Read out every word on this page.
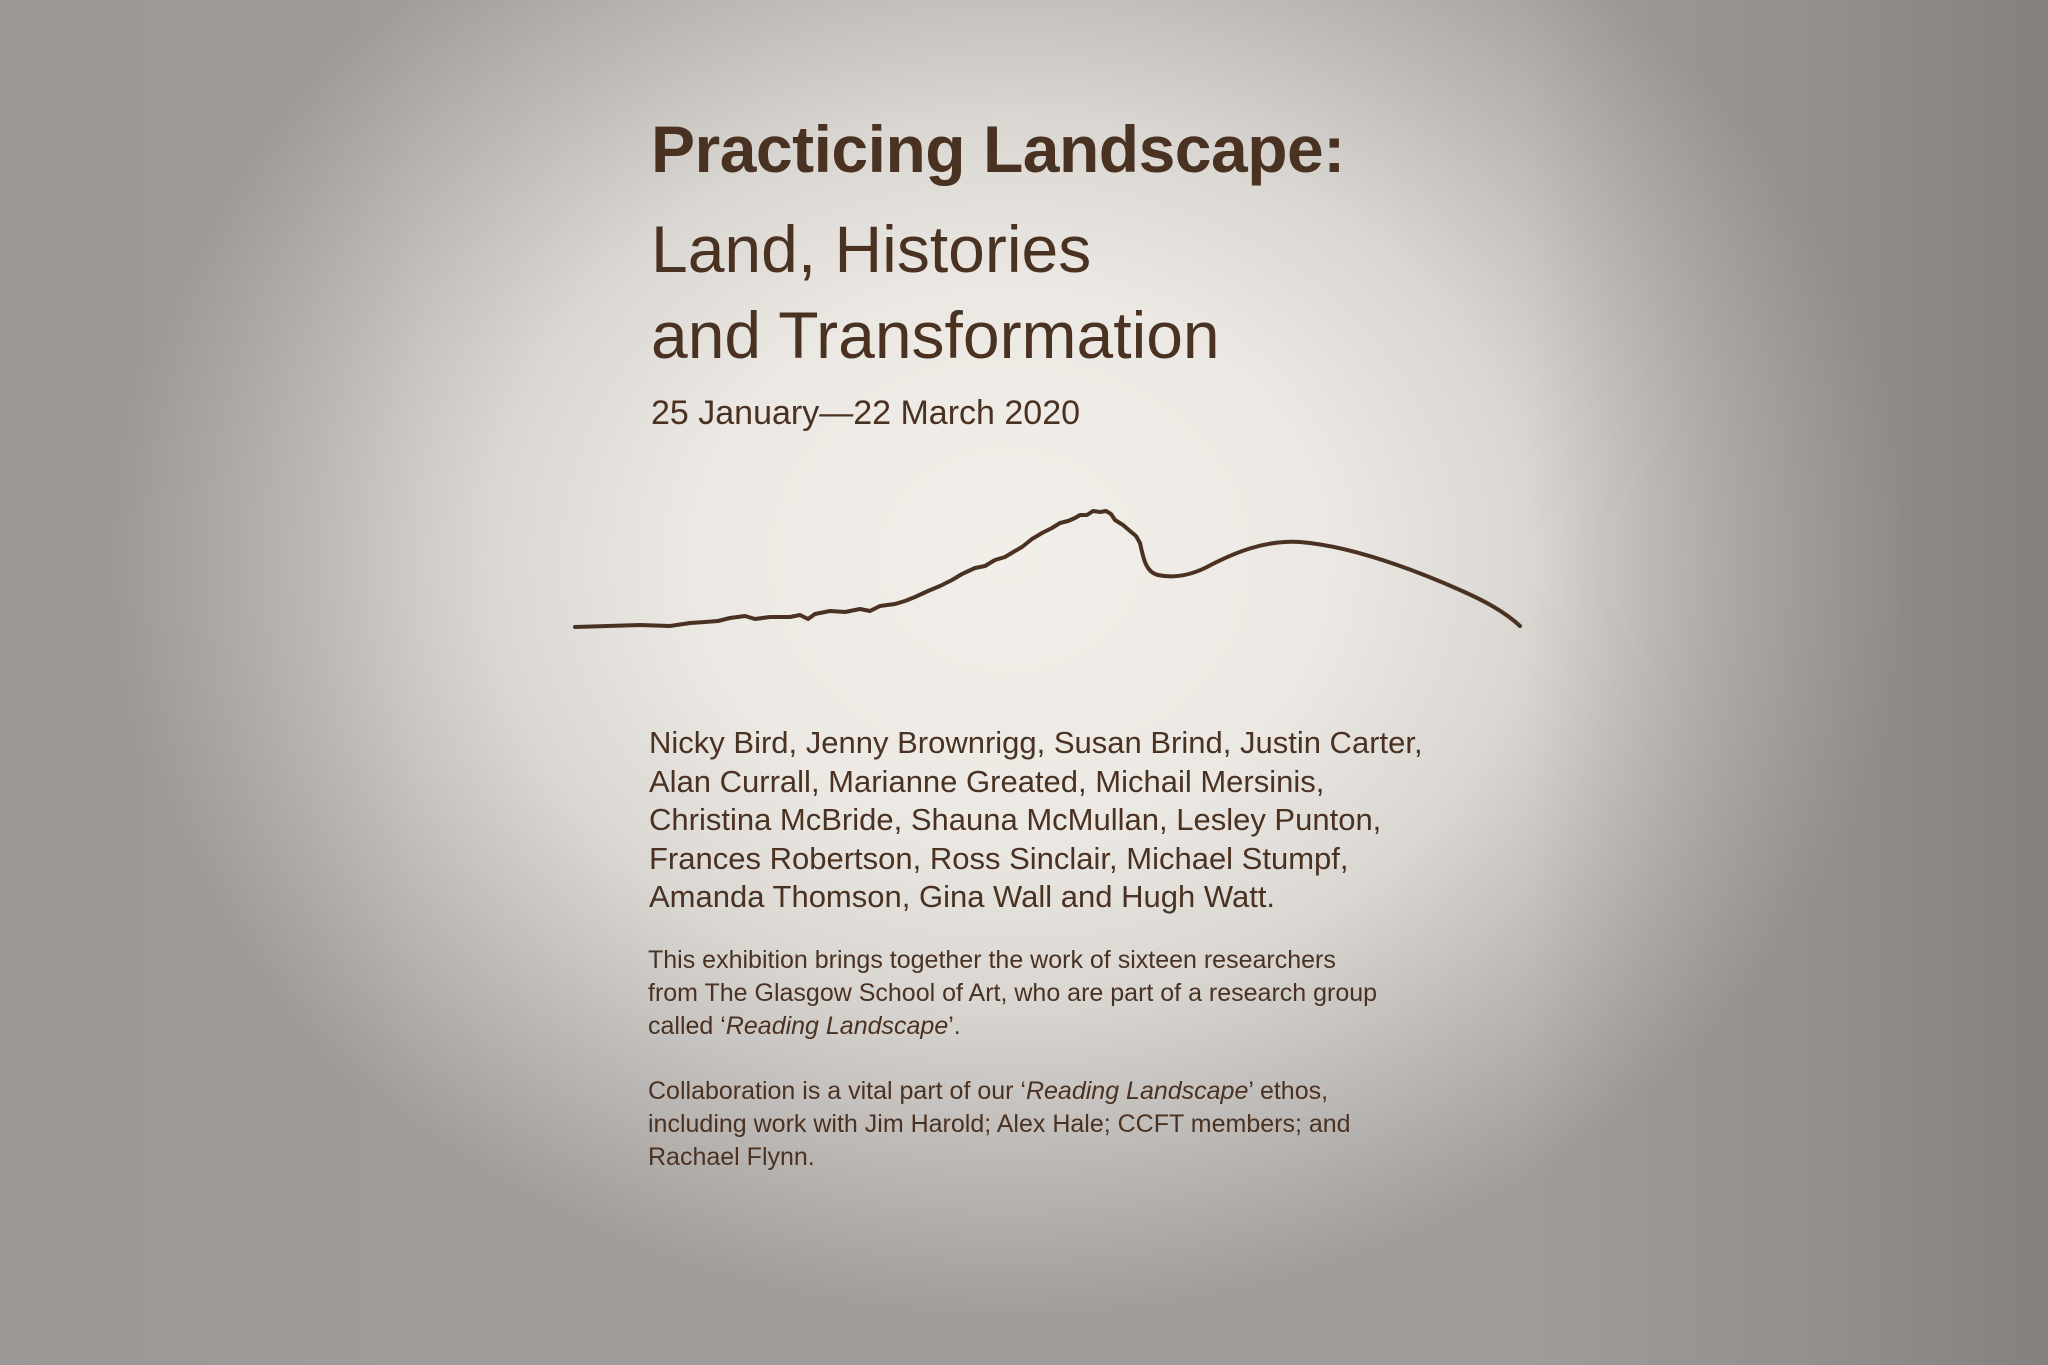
Practicing Landscape:
Land, Histories
and Transformation

25 January—22 March 2020

Nicky Bird, Jenny Brownrigg, Susan Brind, Justin Carter,
Alan Currall, Marianne Greated, Michail Mersinis,
Christina McBride, Shauna McMullan, Lesley Punton,
Frances Robertson, Ross Sinclair, Michael Stumpf,
Amanda Thomson, Gina Wall and Hugh Watt.

This exhibition brings together the work of sixteen researchers
from The Glasgow School of Art, who are part of a research group
called ‘Reading Landscape’.

Collaboration is a vital part of our ‘Reading Landscape’ ethos,
including work with Jim Harold; Alex Hale; CCFT members; and
Rachael Flynn.
